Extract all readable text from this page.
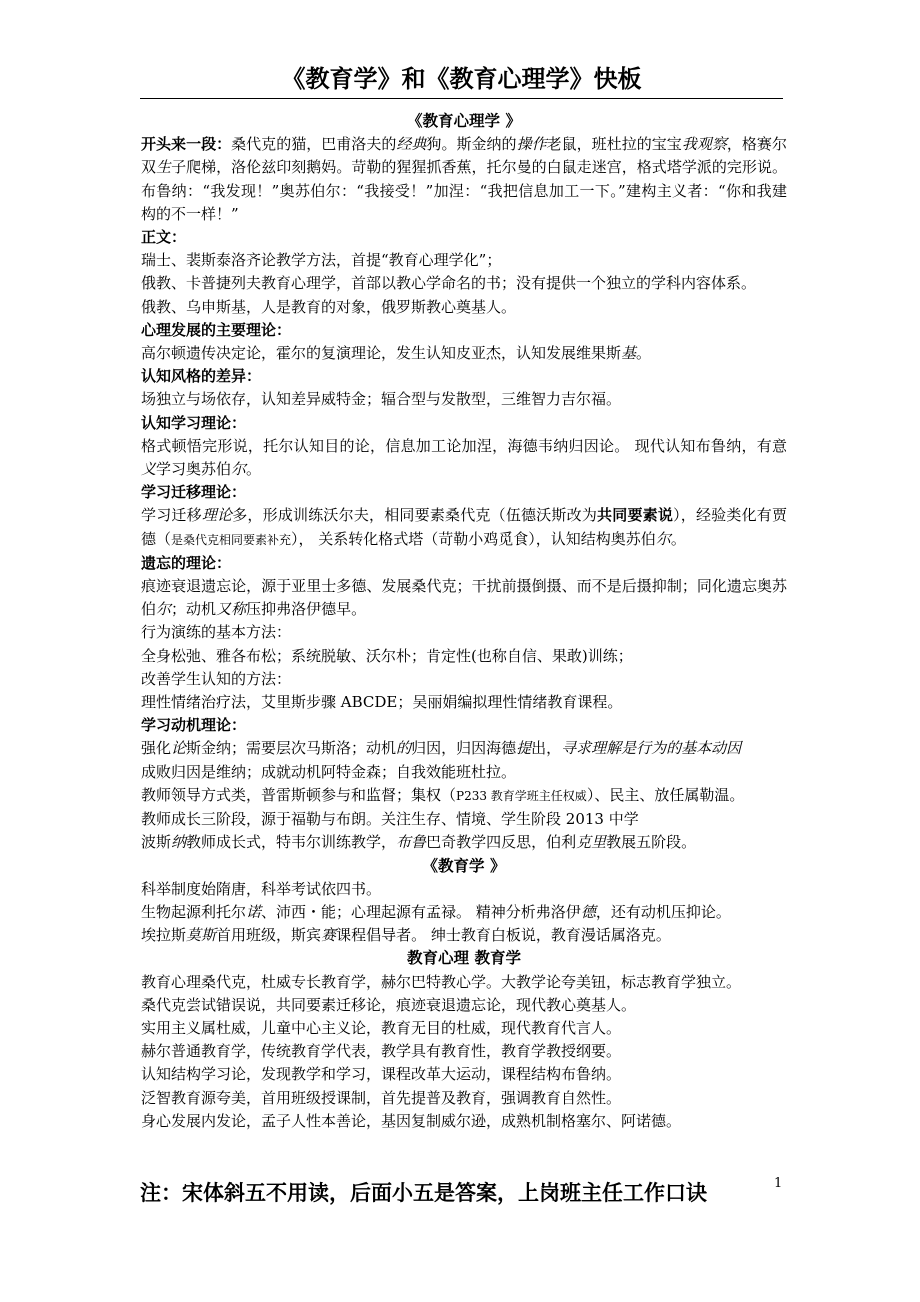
《教育学》和《教育心理学》快板

《教育心理学 》

开头来一段：桑代克的猫，巴甫洛夫的经典狗。斯金纳的操作老鼠，班杜拉的宝宝我观察，格赛尔双生子爬梯，洛伦兹印刻鹅妈。苛勒的猩猩抓香蕉，托尔曼的白鼠走迷宫，格式塔学派的完形说。布鲁纳：“我发现！”奥苏伯尔：“我接受！”加涅：“我把信息加工一下。”建构主义者：“你和我建构的不一样！”

正文：

瑞士、裴斯泰洛齐论教学方法，首提“教育心理学化”；

俄教、卡普捷列夫教育心理学，首部以教心学命名的书；没有提供一个独立的学科内容体系。

俄教、乌申斯基，人是教育的对象，俄罗斯教心奠基人。

心理发展的主要理论：

高尔顿遗传决定论，霍尔的复演理论，发生认知皮亚杰，认知发展维果斯基。

认知风格的差异：

场独立与场依存，认知差异威特金；辐合型与发散型，三维智力吉尔福。

认知学习理论：

格式顿悟完形说，托尔认知目的论，信息加工论加涅，海德韦纳归因论。 现代认知布鲁纳，有意义学习奥苏伯尔。

学习迁移理论：

学习迁移理论多，形成训练沃尔夫，相同要素桑代克（伍德沃斯改为共同要素说），经验类化有贾德（是桑代克相同要素补充）， 关系转化格式塔（苛勒小鸡觅食），认知结构奥苏伯尔。

遗忘的理论：

痕迹衰退遗忘论，源于亚里士多德、发展桑代克；干扰前摄倒摄、而不是后摄抑制；同化遗忘奥苏伯尔；动机又称压抑弗洛伊德早。

行为演练的基本方法：

全身松弛、雅各布松；系统脱敏、沃尔朴；肯定性(也称自信、果敢)训练；

改善学生认知的方法：

理性情绪治疗法，艾里斯步骤 ABCDE；吴丽娟编拟理性情绪教育课程。

学习动机理论：

强化论斯金纳；需要层次马斯洛；动机的归因，归因海德提出，寻求理解是行为的基本动因

成败归因是维纳；成就动机阿特金森；自我效能班杜拉。

教师领导方式类，普雷斯顿参与和监督；集权（P233 教育学班主任权威）、民主、放任属勒温。

教师成长三阶段，源于福勒与布朗。关注生存、情境、学生阶段 2013 中学

波斯纳教师成长式，特韦尔训练教学，布鲁巴奇教学四反思，伯利克里教展五阶段。

《教育学 》

科举制度始隋唐，科举考试依四书。

生物起源利托尔诺、沛西・能；心理起源有孟禄。 精神分析弗洛伊德，还有动机压抑论。

埃拉斯莫斯首用班级，斯宾赛课程倡导者。 绅士教育白板说，教育漫话属洛克。

教育心理 教育学

教育心理桑代克，杜威专长教育学，赫尔巴特教心学。大教学论夸美钮，标志教育学独立。

桑代克尝试错误说，共同要素迁移论，痕迹衰退遗忘论，现代教心奠基人。

实用主义属杜威，儿童中心主义论，教育无目的杜威，现代教育代言人。

赫尔普通教育学，传统教育学代表，教学具有教育性，教育学教授纲要。

认知结构学习论，发现教学和学习，课程改革大运动，课程结构布鲁纳。

泛智教育源夸美，首用班级授课制，首先提普及教育，强调教育自然性。

身心发展内发论，孟子人性本善论，基因复制威尔逊，成熟机制格塞尔、阿诺德。

注：宋体斜五不用读，后面小五是答案，上岗班主任工作口诀	1
